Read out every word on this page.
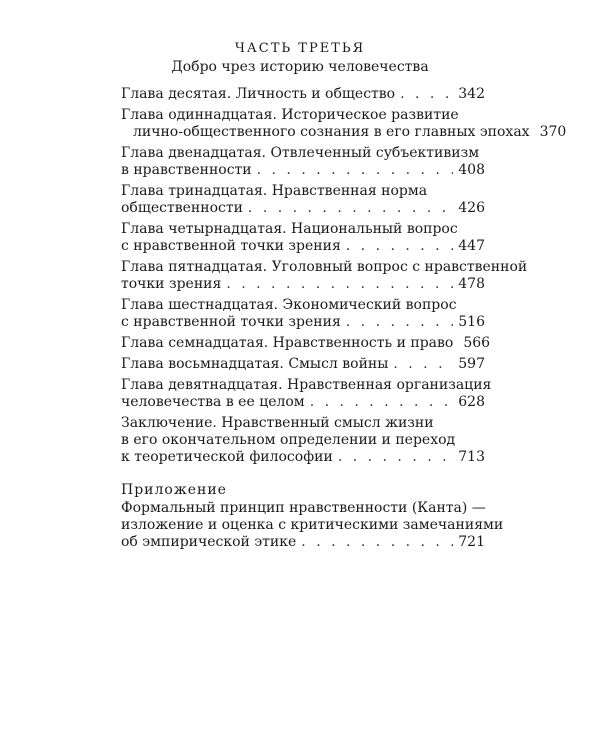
ЧАСТЬ ТРЕТЬЯ
Добро чрез историю человечества
Глава десятая. Личность и общество . . .	342
Глава одиннадцатая. Историческое развитие
лично-общественного сознания в его главных эпохах 370
Глава двенадцатая. Отвлеченный субъективизм
в нравственности . . .	408
Глава тринадцатая. Нравственная норма
общественности . . .	426
Глава четырнадцатая. Национальный вопрос
с нравственной точки зрения . . .	447
Глава пятнадцатая. Уголовный вопрос с нравственной
точки зрения . . .	478
Глава шестнадцатая. Экономический вопрос
с нравственной точки зрения . . .	516
Глава семнадцатая. Нравственность и право 566
Глава восьмнадцатая. Смысл войны . . .	597
Глава девятнадцатая. Нравственная организация
человечества в ее целом . . .	628
Заключение. Нравственный смысл жизни
в его окончательном определении и переход
к теоретической философии . . .	713
Приложение
Формальный принцип нравственности (Канта) —
изложение и оценка с критическими замечаниями
об эмпирической этике . . .	721
